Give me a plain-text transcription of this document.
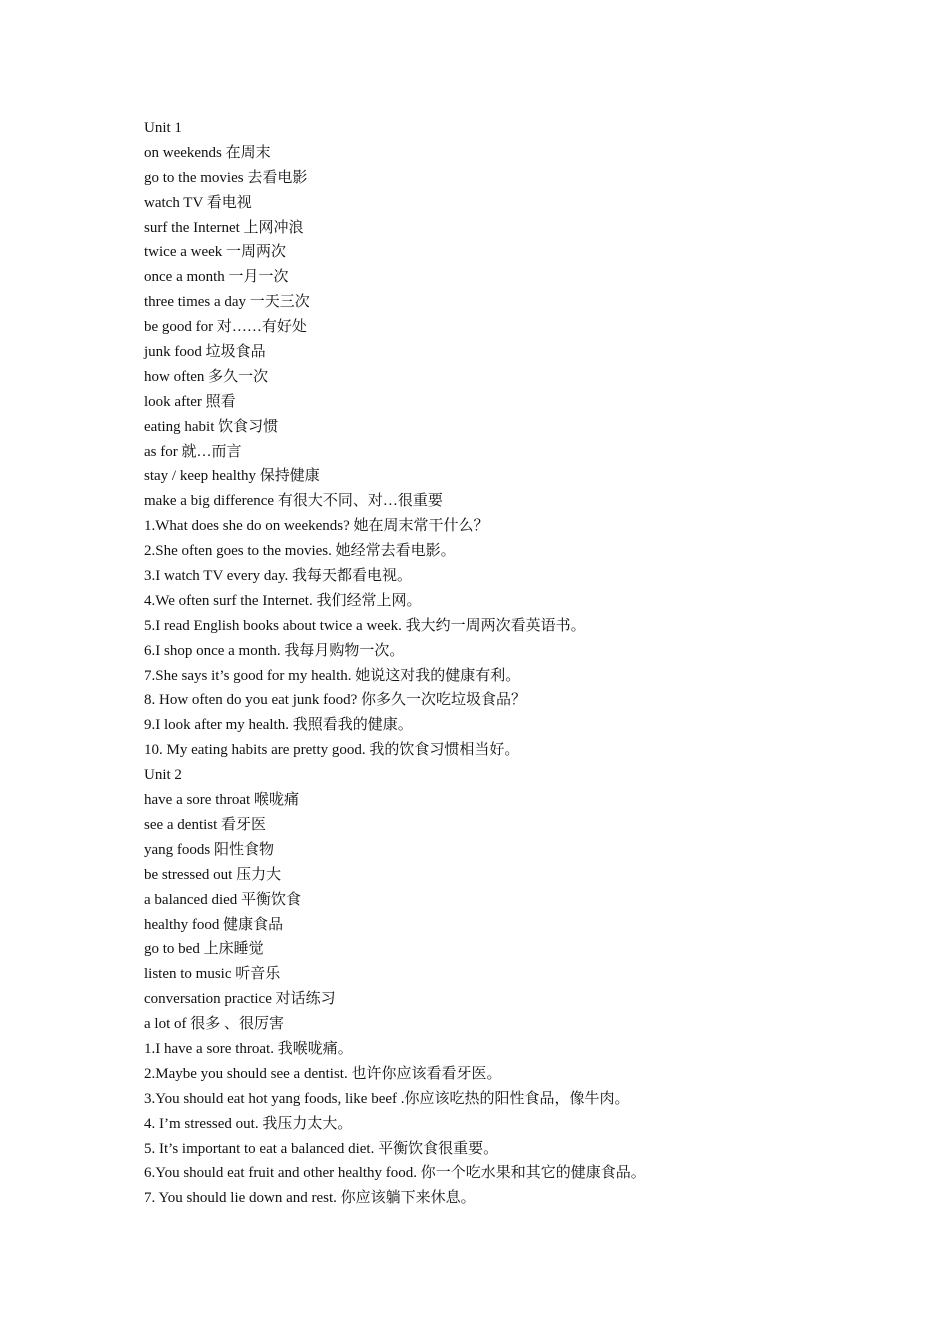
Unit 1
on weekends 在周末
go to the movies 去看电影
watch TV 看电视
surf the Internet 上网冲浪
twice a week 一周两次
once a month 一月一次
three times a day 一天三次
be good for 对……有好处
junk food 垃圾食品
how often 多久一次
look after 照看
eating habit 饮食习惯
as for 就…而言
stay / keep healthy 保持健康
make a big difference 有很大不同、对…很重要
1.What does she do on weekends? 她在周末常干什么？
2.She often goes to the movies. 她经常去看电影。
3.I watch TV every day. 我每天都看电视。
4.We often surf the Internet. 我们经常上网。
5.I read English books about twice a week. 我大约一周两次看英语书。
6.I shop once a month. 我每月购物一次。
7.She says it’s good for my health. 她说这对我的健康有利。
8. How often do you eat junk food? 你多久一次吃垃圾食品？
9.I look after my health. 我照看我的健康。
10. My eating habits are pretty good. 我的饮食习惯相当好。
Unit 2
have a sore throat 喉咙痛
see a dentist 看牙医
yang foods 阳性食物
be stressed out 压力大
a balanced died 平衡饮食
healthy food 健康食品
go to bed 上床睡觉
listen to music 听音乐
conversation practice 对话练习
a lot of 很多 、很厉害
1.I have a sore throat. 我喉咙痛。
2.Maybe you should see a dentist. 也许你应该看看牙医。
3.You should eat hot yang foods, like beef .你应该吃热的阳性食品，像牛肉。
4. I’m stressed out. 我压力太大。
5. It’s important to eat a balanced diet. 平衡饮食很重要。
6.You should eat fruit and other healthy food. 你一个吃水果和其它的健康食品。
7. You should lie down and rest. 你应该躺下来休息。
